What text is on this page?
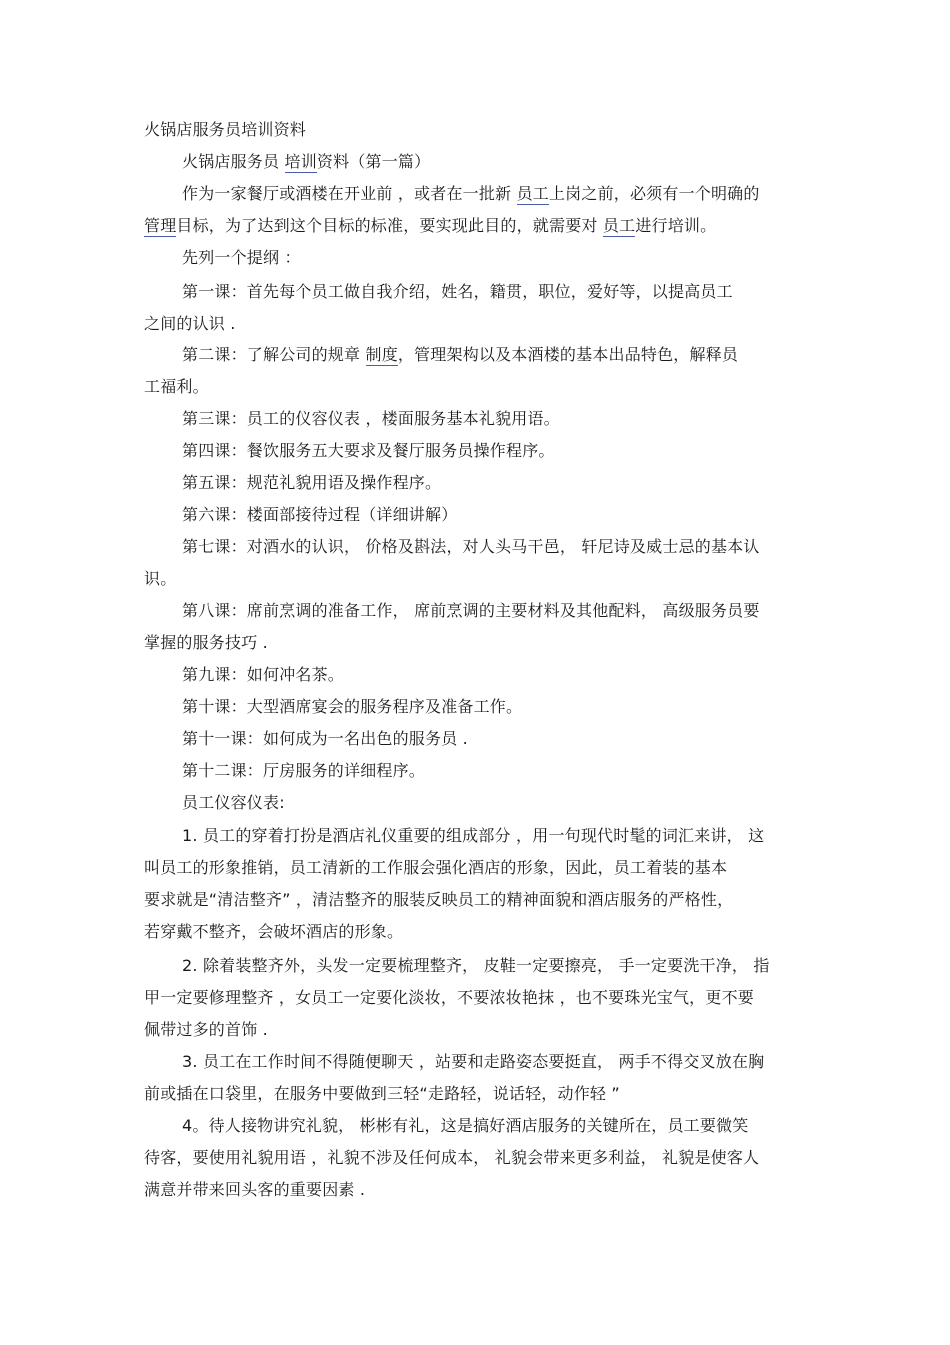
火锅店服务员培训资料
火锅店服务员 培训资料（第一篇）
作为一家餐厅或酒楼在开业前 ，或者在一批新 员工上岗之前，必须有一个明确的
管理目标，为了达到这个目标的标准，要实现此目的，就需要对 员工进行培训。
先列一个提纲 ：
第一课：首先每个员工做自我介绍，姓名，籍贯，职位，爱好等，以提高员工
之间的认识 .
第二课：了解公司的规章 制度，管理架构以及本酒楼的基本出品特色，解释员
工福利。
第三课：员工的仪容仪表 ，楼面服务基本礼貌用语。
第四课：餐饮服务五大要求及餐厅服务员操作程序。
第五课：规范礼貌用语及操作程序。
第六课：楼面部接待过程（详细讲解）
第七课：对酒水的认识， 价格及斟法，对人头马干邑， 轩尼诗及威士忌的基本认
识。
第八课：席前烹调的准备工作， 席前烹调的主要材料及其他配料， 高级服务员要
掌握的服务技巧 .
第九课：如何冲名茶。
第十课：大型酒席宴会的服务程序及准备工作。
第十一课：如何成为一名出色的服务员 .
第十二课：厅房服务的详细程序。
员工仪容仪表:
1. 员工的穿着打扮是酒店礼仪重要的组成部分 ，用一句现代时髦的词汇来讲， 这
叫员工的形象推销，员工清新的工作服会强化酒店的形象，因此，员工着装的基本
要求就是“清洁整齐” ，清洁整齐的服装反映员工的精神面貌和酒店服务的严格性，
若穿戴不整齐，会破坏酒店的形象。
2. 除着装整齐外，头发一定要梳理整齐， 皮鞋一定要擦亮， 手一定要洗干净， 指
甲一定要修理整齐 ，女员工一定要化淡妆，不要浓妆艳抹 ，也不要珠光宝气，更不要
佩带过多的首饰 .
3. 员工在工作时间不得随便聊天 ，站要和走路姿态要挺直， 两手不得交叉放在胸
前或插在口袋里，在服务中要做到三轻“走路轻，说话轻，动作轻 ”
4。待人接物讲究礼貌， 彬彬有礼，这是搞好酒店服务的关键所在，员工要微笑
待客，要使用礼貌用语 ，礼貌不涉及任何成本， 礼貌会带来更多利益， 礼貌是使客人
满意并带来回头客的重要因素 .
